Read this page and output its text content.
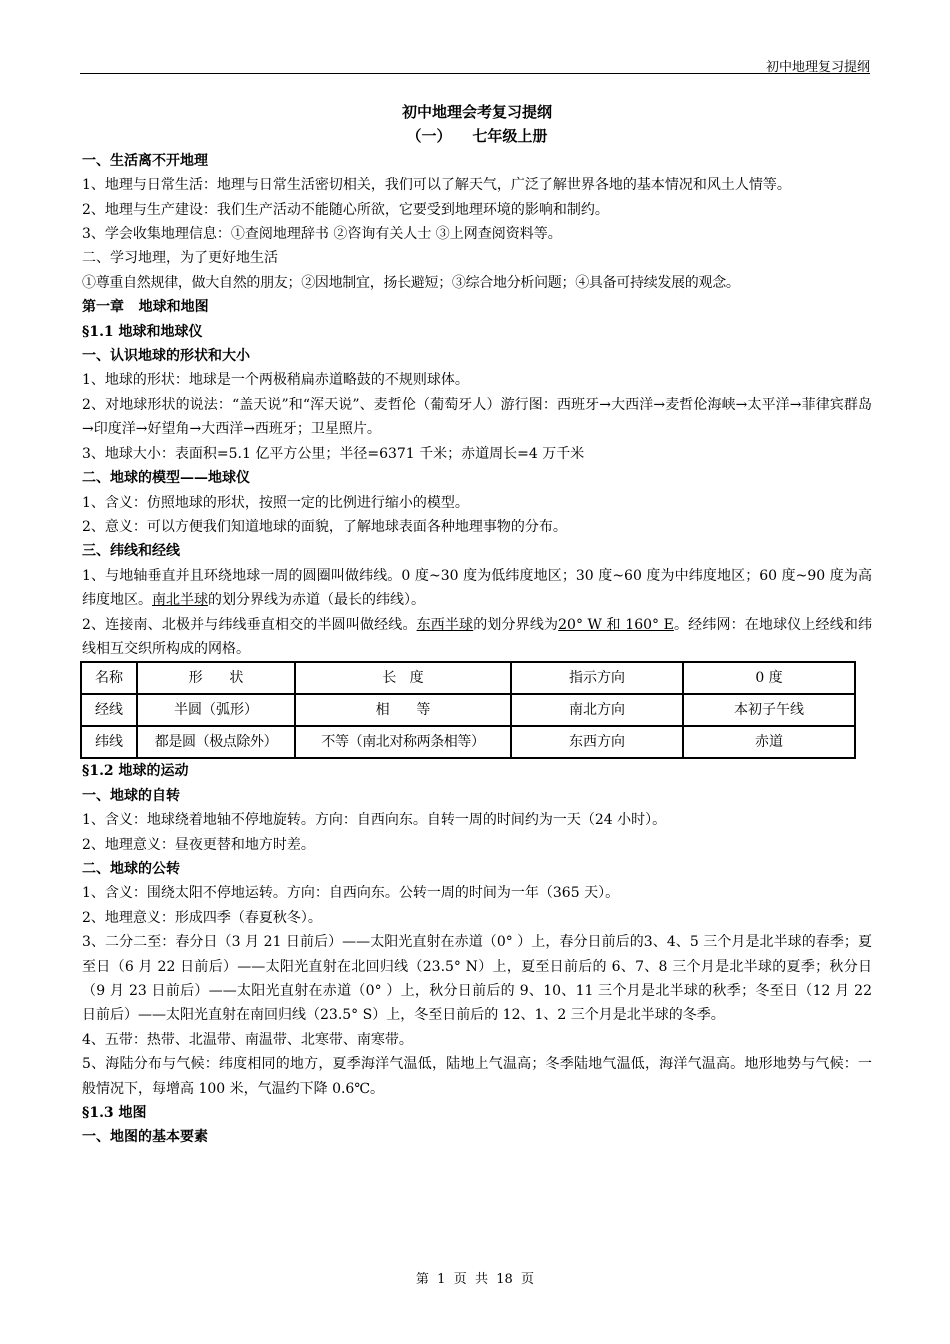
初中地理复习提纲

初中地理会考复习提纲

（一）    七年级上册

一、生活离不开地理

1、地理与日常生活：地理与日常生活密切相关，我们可以了解天气，广泛了解世界各地的基本情况和风土人情等。

2、地理与生产建设：我们生产活动不能随心所欲，它要受到地理环境的影响和制约。

3、学会收集地理信息：①查阅地理辞书 ②咨询有关人士 ③上网查阅资料等。

二、学习地理，为了更好地生活

①尊重自然规律，做大自然的朋友；②因地制宜，扬长避短；③综合地分析问题；④具备可持续发展的观念。

第一章   地球和地图

§1.1 地球和地球仪

一、认识地球的形状和大小

1、地球的形状：地球是一个两极稍扁赤道略鼓的不规则球体。

2、对地球形状的说法：“盖天说”和“浑天说”、麦哲伦（葡萄牙人）游行图：西班牙→大西洋→麦哲伦海峡→太平洋→菲律宾群岛→印度洋→好望角→大西洋→西班牙；卫星照片。

3、地球大小：表面积=5.1 亿平方公里；半径=6371 千米；赤道周长=4 万千米

二、地球的模型——地球仪

1、含义：仿照地球的形状，按照一定的比例进行缩小的模型。

2、意义：可以方便我们知道地球的面貌，了解地球表面各种地理事物的分布。

三、纬线和经线

1、与地轴垂直并且环绕地球一周的圆圈叫做纬线。0 度~30 度为低纬度地区；30 度~60 度为中纬度地区；60 度~90 度为高纬度地区。南北半球的划分界线为赤道（最长的纬线）。

2、连接南、北极并与纬线垂直相交的半圆叫做经线。东西半球的划分界线为20° W 和 160° E。经纬网：在地球仪上经线和纬线相互交织所构成的网格。

名称	形      状	长   度	指示方向	0 度
经线	半圆（弧形）	相      等	南北方向	本初子午线
纬线	都是圆（极点除外）	不等（南北对称两条相等）	东西方向	赤道

§1.2 地球的运动

一、地球的自转

1、含义：地球绕着地轴不停地旋转。方向：自西向东。自转一周的时间约为一天（24 小时）。

2、地理意义：昼夜更替和地方时差。

二、地球的公转

1、含义：围绕太阳不停地运转。方向：自西向东。公转一周的时间为一年（365 天）。

2、地理意义：形成四季（春夏秋冬）。

3、二分二至：春分日（3 月 21 日前后）——太阳光直射在赤道（0° ）上，春分日前后的3、4、5 三个月是北半球的春季；夏至日（6 月 22 日前后）——太阳光直射在北回归线（23.5° N）上，夏至日前后的 6、7、8 三个月是北半球的夏季；秋分日（9 月 23 日前后）——太阳光直射在赤道（0° ）上，秋分日前后的 9、10、11 三个月是北半球的秋季；冬至日（12 月 22 日前后）——太阳光直射在南回归线（23.5° S）上，冬至日前后的 12、1、2 三个月是北半球的冬季。

4、五带：热带、北温带、南温带、北寒带、南寒带。

5、海陆分布与气候：纬度相同的地方，夏季海洋气温低，陆地上气温高；冬季陆地气温低，海洋气温高。地形地势与气候：一般情况下，每增高 100 米，气温约下降 0.6℃。

§1.3 地图

一、地图的基本要素

第  1  页  共  18  页
